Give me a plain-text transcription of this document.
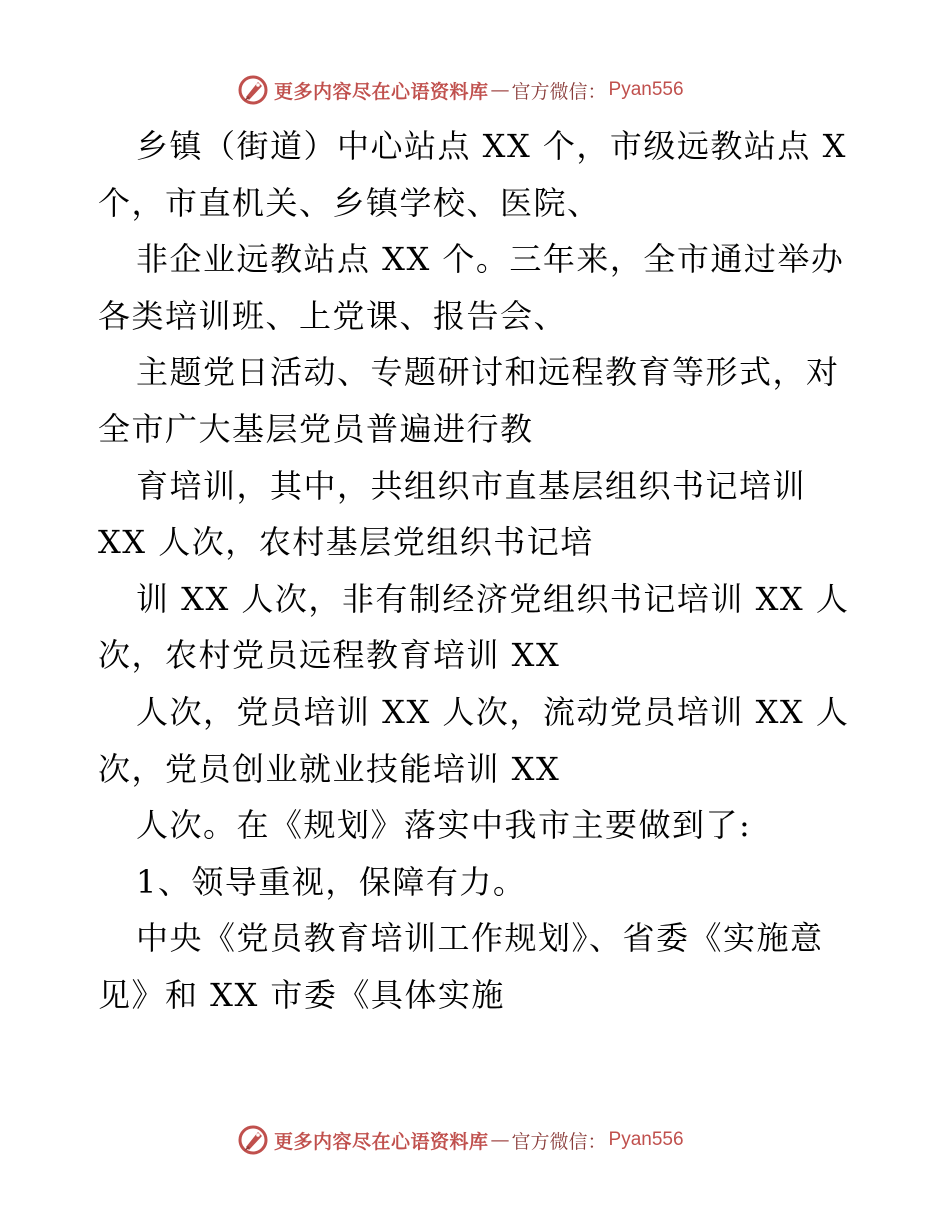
更多内容尽在心语资料库 — 官方微信： Pyan556
乡镇（街道）中心站点 XX 个，市级远教站点 X
个，市直机关、乡镇学校、医院、
非企业远教站点 XX 个。三年来，全市通过举办
各类培训班、上党课、报告会、
主题党日活动、专题研讨和远程教育等形式，对
全市广大基层党员普遍进行教
育培训，其中，共组织市直基层组织书记培训
XX 人次，农村基层党组织书记培
训 XX 人次，非有制经济党组织书记培训 XX 人
次，农村党员远程教育培训 XX
人次，党员培训 XX 人次，流动党员培训 XX 人
次，党员创业就业技能培训 XX
人次。在《规划》落实中我市主要做到了:
1、领导重视，保障有力。
中央《党员教育培训工作规划》、省委《实施意
见》和 XX 市委《具体实施
更多内容尽在心语资料库 — 官方微信： Pyan556
